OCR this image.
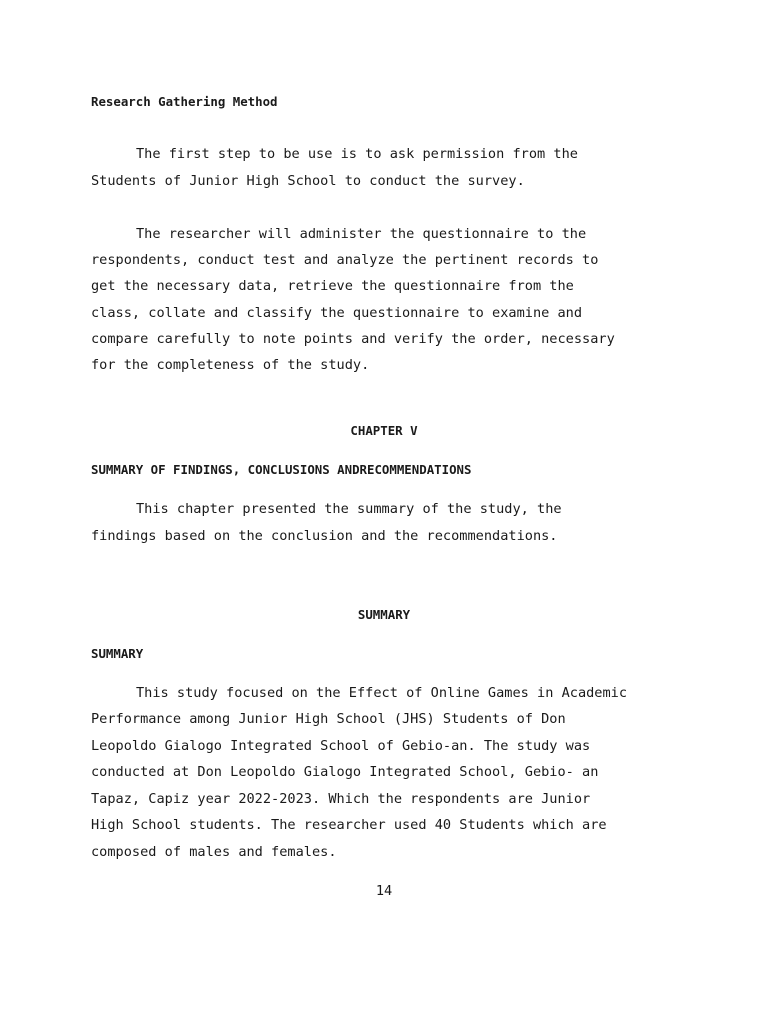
Research Gathering Method

The first step to be use is to ask permission from the

Students of Junior High School to conduct the survey.

The researcher will administer the questionnaire to the

respondents, conduct test and analyze the pertinent records to

get the necessary data, retrieve the questionnaire from the

class, collate and classify the questionnaire to examine and

compare carefully to note points and verify the order, necessary

for the completeness of the study.

CHAPTER V

SUMMARY OF FINDINGS, CONCLUSIONS ANDRECOMMENDATIONS

This chapter presented the summary of the study, the

findings based on the conclusion and the recommendations.

SUMMARY

SUMMARY

This study focused on the Effect of Online Games in Academic

Performance among Junior High School (JHS) Students of Don

Leopoldo Gialogo Integrated School of Gebio-an. The study was

conducted at Don Leopoldo Gialogo Integrated School, Gebio- an

Tapaz, Capiz year 2022-2023. Which the respondents are Junior

High School students. The researcher used 40 Students which are

composed of males and females.

14
